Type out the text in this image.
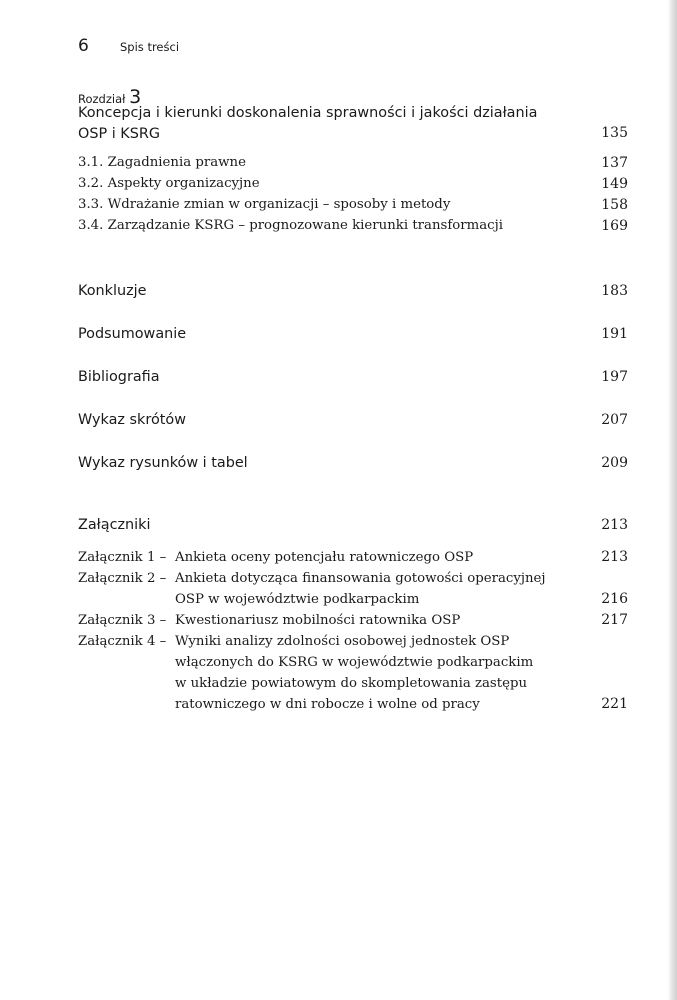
6	Spis treści
Rozdział 3
Koncepcja i kierunki doskonalenia sprawności i jakości działania
OSP i KSRG	135
3.1. Zagadnienia prawne	137
3.2. Aspekty organizacyjne	149
3.3. Wdrażanie zmian w organizacji – sposoby i metody	158
3.4. Zarządzanie KSRG – prognozowane kierunki transformacji	169
Konkluzje	183
Podsumowanie	191
Bibliografia	197
Wykaz skrótów	207
Wykaz rysunków i tabel	209
Załączniki	213
Załącznik 1 – Ankieta oceny potencjału ratowniczego OSP	213
Załącznik 2 – Ankieta dotycząca finansowania gotowości operacyjnej
OSP w województwie podkarpackim	216
Załącznik 3 – Kwestionariusz mobilności ratownika OSP	217
Załącznik 4 – Wyniki analizy zdolności osobowej jednostek OSP
włączonych do KSRG w województwie podkarpackim
w układzie powiatowym do skompletowania zastępu
ratowniczego w dni robocze i wolne od pracy	221
